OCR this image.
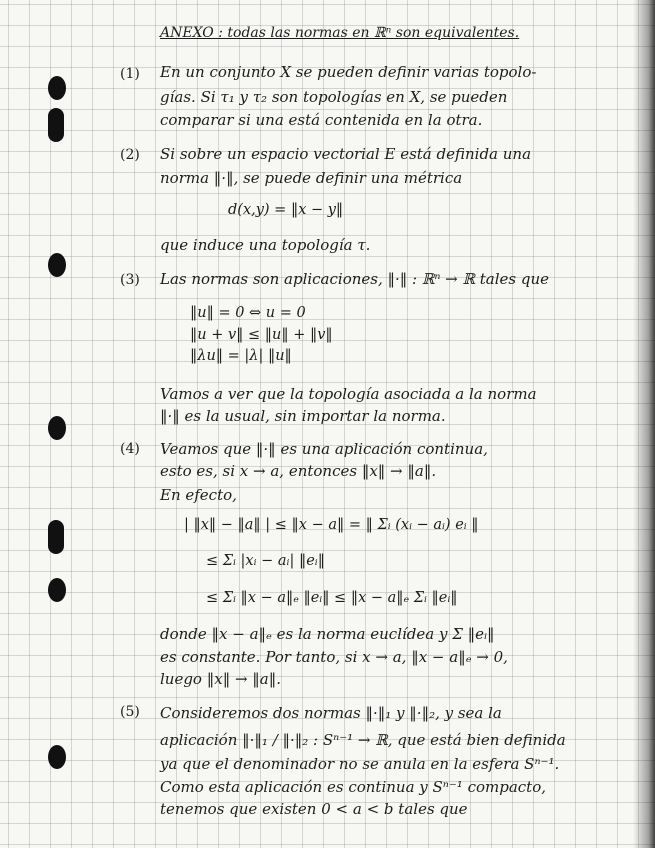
ANEXO : todas las normas en ℝⁿ son equivalentes.
(1) En un conjunto X se pueden definir varias topolo-
gías. Si τ₁ y τ₂ son topologías en X, se pueden
comparar si una está contenida en la otra.
(2) Si sobre un espacio vectorial E está definida una
norma ‖·‖, se puede definir una métrica
d(x,y) = ‖x − y‖
que induce una topología τ.
(3) Las normas son aplicaciones, ‖·‖ : ℝⁿ → ℝ tales que
‖u‖ = 0 ⇔ u = 0
‖u + v‖ ≤ ‖u‖ + ‖v‖
‖λu‖ = |λ| ‖u‖
Vamos a ver que la topología asociada a la norma
‖·‖ es la usual, sin importar la norma.
(4) Veamos que ‖·‖ es una aplicación continua,
esto es, si x → a, entonces ‖x‖ → ‖a‖.
En efecto,
| ‖x‖ − ‖a‖ | ≤ ‖x − a‖ = ‖ Σᵢ (xᵢ − aᵢ) eᵢ ‖
≤ Σᵢ |xᵢ − aᵢ| ‖eᵢ‖
≤ Σᵢ ‖x − a‖ₑ ‖eᵢ‖ ≤ ‖x − a‖ₑ Σᵢ ‖eᵢ‖
donde ‖x − a‖ₑ es la norma euclídea y Σ ‖eᵢ‖
es constante. Por tanto, si x → a, ‖x − a‖ₑ → 0,
luego ‖x‖ → ‖a‖.
(5) Consideremos dos normas ‖·‖₁ y ‖·‖₂, y sea la
aplicación ‖·‖₁ / ‖·‖₂ : Sⁿ⁻¹ → ℝ, que está bien definida
ya que el denominador no se anula en la esfera Sⁿ⁻¹.
Como esta aplicación es continua y Sⁿ⁻¹ compacto,
tenemos que existen 0 < a < b tales que
